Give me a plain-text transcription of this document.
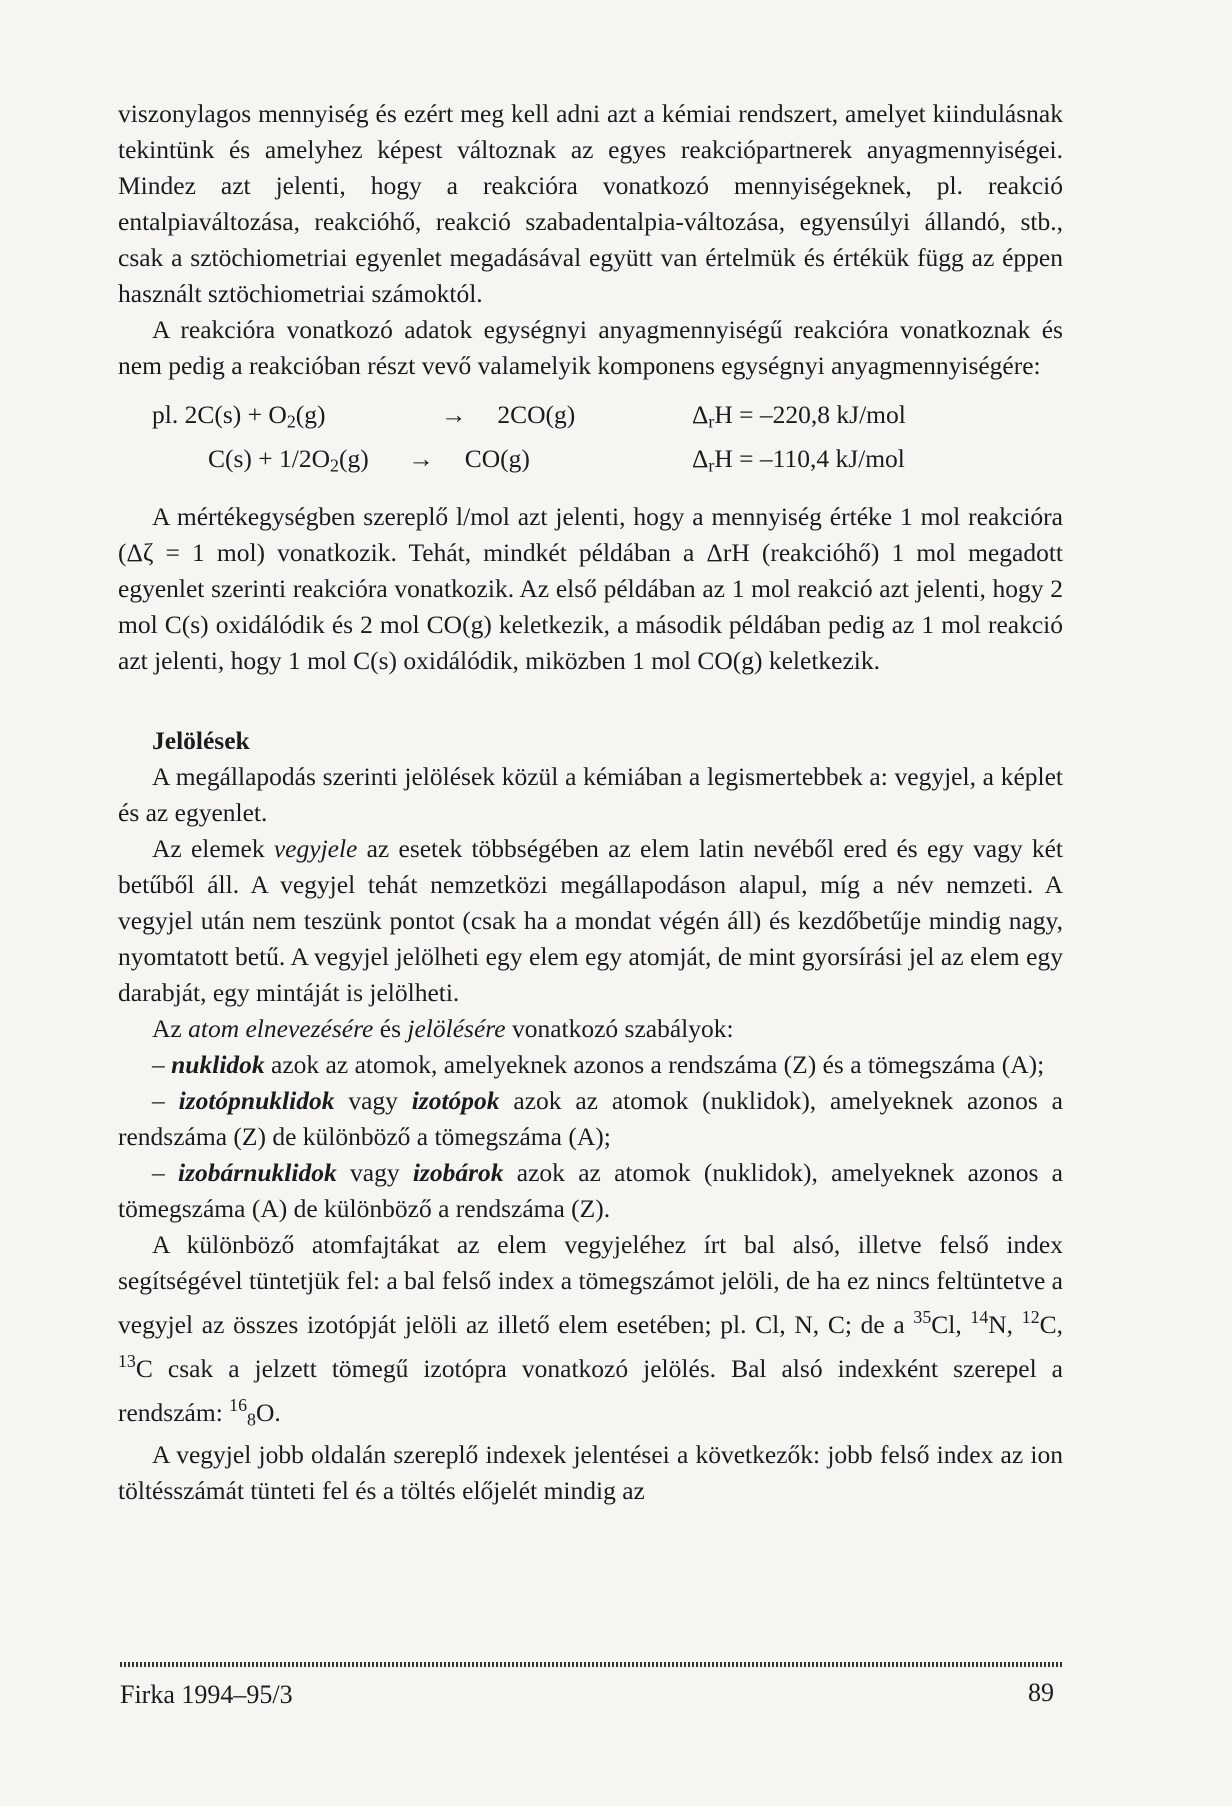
viszonylagos mennyiség és ezért meg kell adni azt a kémiai rendszert, amelyet kiindulásnak tekintünk és amelyhez képest változnak az egyes reakciópartnerek anyagmennyiségei. Mindez azt jelenti, hogy a reakcióra vonatkozó mennyiségeknek, pl. reakció entalpiaváltozása, reakcióhő, reakció szabadentalpia-változása, egyensúlyi állandó, stb., csak a sztöchiometriai egyenlet megadásával együtt van értelmük és értékük függ az éppen használt sztöchiometriai számoktól.

A reakcióra vonatkozó adatok egységnyi anyagmennyiségű reakcióra vonatkoznak és nem pedig a reakcióban részt vevő valamelyik komponens egységnyi anyagmennyiségére:

pl. $2C(s) + O_2(g)$	→ 2CO(g)	$\Delta_rH = -220,8$ kJ/mol
$C(s) + 1/2O_2(g) \to CO(g)$	$\Delta_rH = -110,4$ kJ/mol

A mértékegységben szereplő l/mol azt jelenti, hogy a mennyiség értéke 1 mol reakcióra (Δζ = 1 mol) vonatkozik. Tehát, mindkét példában a ΔrH (reakcióhő) 1 mol megadott egyenlet szerinti reakcióra vonatkozik. Az első példában az 1 mol reakció azt jelenti, hogy 2 mol C(s) oxidálódik és 2 mol CO(g) keletkezik, a második példában pedig az 1 mol reakció azt jelenti, hogy 1 mol C(s) oxidálódik, miközben 1 mol CO(g) keletkezik.

Jelölések

A megállapodás szerinti jelölések közül a kémiában a legismertebbek a: vegyjel, a képlet és az egyenlet.

Az elemek vegyjele az esetek többségében az elem latin nevéből ered és egy vagy két betűből áll. A vegyjel tehát nemzetközi megállapodáson alapul, míg a név nemzeti. A vegyjel után nem teszünk pontot (csak ha a mondat végén áll) és kezdőbetűje mindig nagy, nyomtatott betű. A vegyjel jelölheti egy elem egy atomját, de mint gyorsírási jel az elem egy darabját, egy mintáját is jelölheti.

Az atom elnevezésére és jelölésére vonatkozó szabályok:

– nuklidok azok az atomok, amelyeknek azonos a rendszáma (Z) és a tömegszáma (A);

– izotópnuklidok vagy izotópok azok az atomok (nuklidok), amelyeknek azonos a rendszáma (Z) de különböző a tömegszáma (A);

– izobárnuklidok vagy izobárok azok az atomok (nuklidok), amelyeknek azonos a tömegszáma (A) de különböző a rendszáma (Z).

A különböző atomfajtákat az elem vegyjeléhez írt bal alsó, illetve felső index segítségével tüntetjük fel: a bal felső index a tömegszámot jelöli, de ha ez nincs feltüntetve a vegyjel az összes izotópját jelöli az illető elem esetében; pl. Cl, N, C; de a $^{35}$Cl, $^{14}$N, $^{12}$C, $^{13}$C csak a jelzett tömegű izotópra vonatkozó jelölés. Bal alsó indexként szerepel a rendszám: $^{16}_8$O.

A vegyjel jobb oldalán szereplő indexek jelentései a következők: jobb felső index az ion töltésszámát tünteti fel és a töltés előjelét mindig az

Firka 1994–95/3	89
